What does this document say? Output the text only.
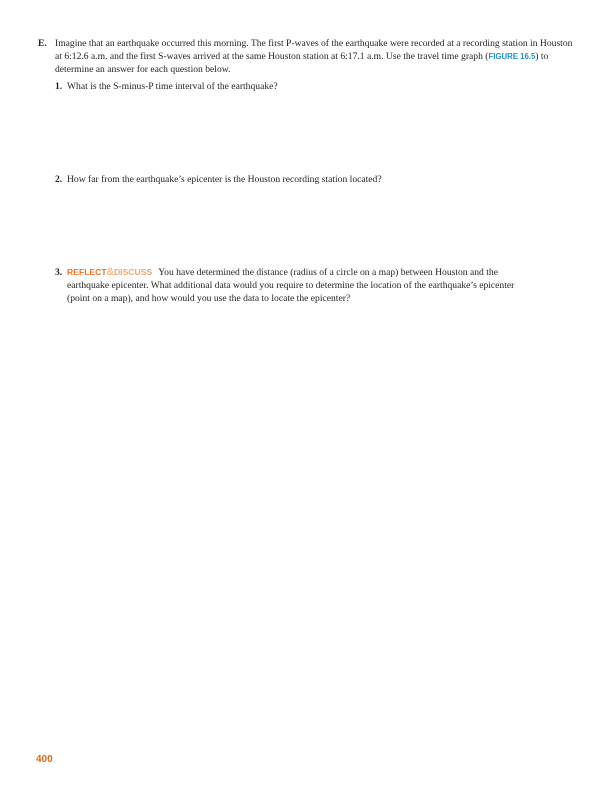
E. Imagine that an earthquake occurred this morning. The first P-waves of the earthquake were recorded at a recording station in Houston at 6:12.6 a.m. and the first S-waves arrived at the same Houston station at 6:17.1 a.m. Use the travel time graph (FIGURE 16.5) to determine an answer for each question below.
1. What is the S-minus-P time interval of the earthquake?
2. How far from the earthquake’s epicenter is the Houston recording station located?
3. REFLECT&DISCUSS You have determined the distance (radius of a circle on a map) between Houston and the earthquake epicenter. What additional data would you require to determine the location of the earthquake’s epicenter (point on a map), and how would you use the data to locate the epicenter?
400
